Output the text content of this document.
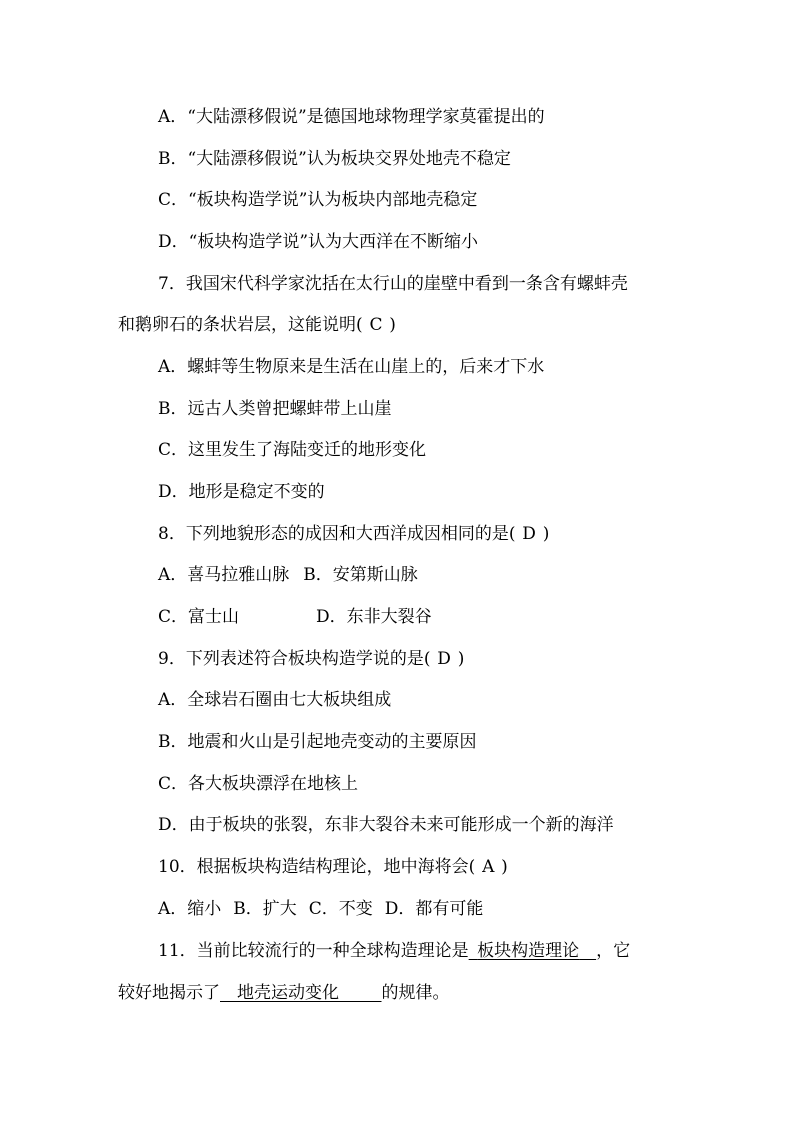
A．“大陆漂移假说”是德国地球物理学家莫霍提出的
B．“大陆漂移假说”认为板块交界处地壳不稳定
C．“板块构造学说”认为板块内部地壳稳定
D．“板块构造学说”认为大西洋在不断缩小
7．我国宋代科学家沈括在太行山的崖壁中看到一条含有螺蚌壳
和鹅卵石的条状岩层，这能说明( C )
A．螺蚌等生物原来是生活在山崖上的，后来才下水
B．远古人类曾把螺蚌带上山崖
C．这里发生了海陆变迁的地形变化
D．地形是稳定不变的
8．下列地貌形态的成因和大西洋成因相同的是( D )
A．喜马拉雅山脉 B．安第斯山脉
C．富士山	D．东非大裂谷
9．下列表述符合板块构造学说的是( D )
A．全球岩石圈由七大板块组成
B．地震和火山是引起地壳变动的主要原因
C．各大板块漂浮在地核上
D．由于板块的张裂，东非大裂谷未来可能形成一个新的海洋
10．根据板块构造结构理论，地中海将会( A )
A．缩小 B．扩大 C．不变 D．都有可能
11．当前比较流行的一种全球构造理论是  板块构造理论   ，它
较好地揭示了   地壳运动变化   	的规律。
